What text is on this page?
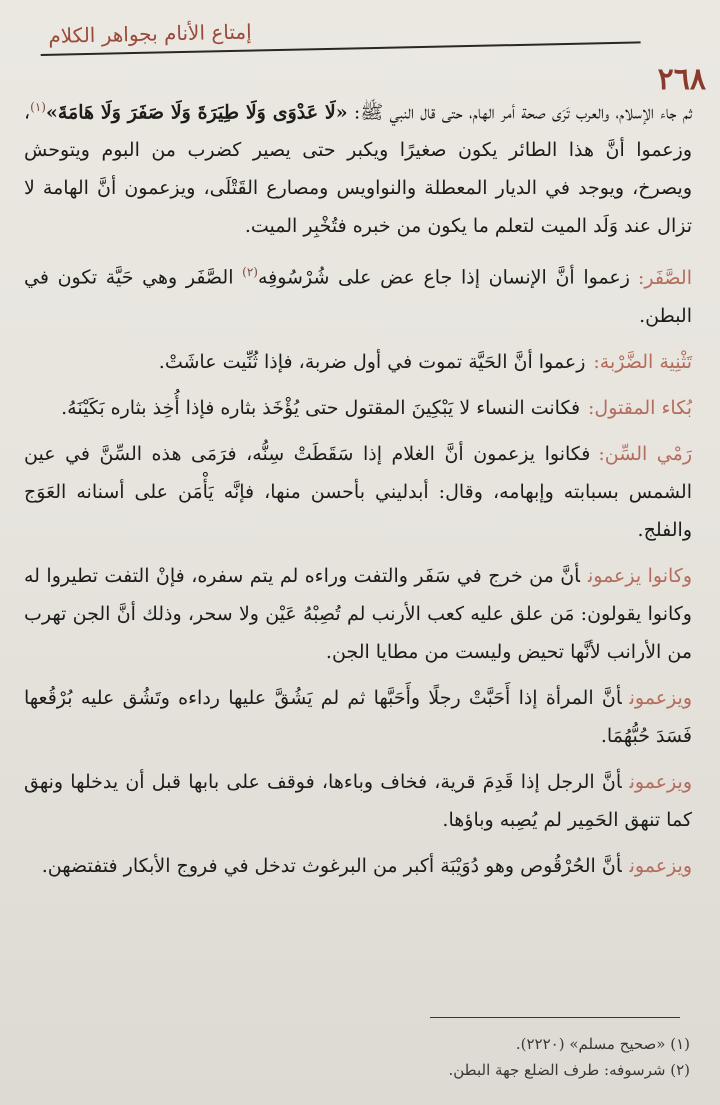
إمتاع الأنام بجواهر الكلام
٢٦٨

ثم جاء الإسلام، والعرب تَرَى صحة أمر الهام، حتى قال النبي ﷺ: «لَا عَدْوَى وَلَا طِيَرَةَ وَلَا صَفَرَ وَلَا هَامَةَ»$^{(١)}$، وزعموا أنَّ هذا الطائر يكون صغيرًا ويكبر حتى يصير كضرب من البوم ويتوحش ويصرخ، ويوجد في الديار المعطلة والنواويس ومصارع القَتْلَى، ويزعمون أنَّ الهامة لا تزال عند وَلَد الميت لتعلم ما يكون من خبره فتُخْبِر الميت.

الصَّفَر:زعموا أنَّ الإنسان إذا جاع عض على شُرْسُوفِه$^{(٢)}$ الصَّفَر وهي حَيَّة تكون في البطن.

تَثْنِية الضَّرْبة:زعموا أنَّ الحَيَّة تموت في أول ضربة، فإذا ثُنِّيت عاشَتْ.

بُكاء المقتول:فكانت النساء لا يَبْكِينَ المقتول حتى يُؤْخَذ بثاره فإذا أُخِذ بثاره بَكَيْنَهُ.

رَمْي السِّن:فكانوا يزعمون أنَّ الغلام إذا سَقَطَتْ سِنُّه، فرَمَى هذه السِّنَّ في عين الشمس بسبابته وإبهامه، وقال: أبدليني بأحسن منها، فإنَّه يَأْمَن على أسنانه العَوَج والفلج.

وكانوا يزعمونأنَّ من خرج في سَفَر والتفت وراءه لم يتم سفره، فإنْ التفت تطيروا له وكانوا يقولون: مَن علق عليه كعب الأرنب لم تُصِبْهُ عَيْن ولا سحر، وذلك أنَّ الجن تهرب من الأرانب لأنَّها تحيض وليست من مطايا الجن.

ويزعمونأنَّ المرأة إذا أَحَبَّتْ رجلًا وأَحَبَّها ثم لم يَشُقَّ عليها رداءه وتَشُق عليه بُرْقُعها فَسَدَ حُبُّهُمَا.

ويزعمونأنَّ الرجل إذا قَدِمَ قرية، فخاف وباءها، فوقف على بابها قبل أن يدخلها ونهق كما تنهق الحَمِير لم يُصِبه وباؤها.

ويزعمونأنَّ الحُرْقُوص وهو دُوَيْبَة أكبر من البرغوث تدخل في فروج الأبكار فتفتضهن.

(١) «صحيح مسلم» (٢٢٢٠).

(٢) شرسوفه: طرف الضلع جهة البطن.
